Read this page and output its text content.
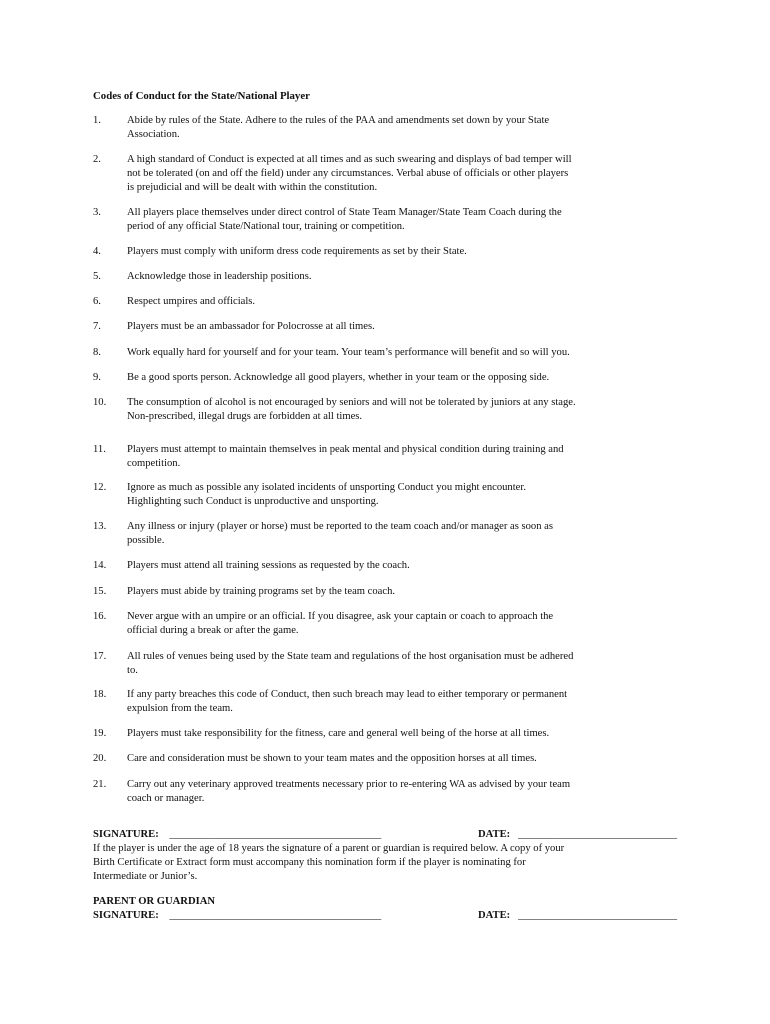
Codes of Conduct for the State/National Player
1.	Abide by rules of the State. Adhere to the rules of the PAA and amendments set down by your State
Association.
2.	A high standard of Conduct is expected at all times and as such swearing and displays of bad temper will
not be tolerated (on and off the field) under any circumstances. Verbal abuse of officials or other players
is prejudicial and will be dealt with within the constitution.
3.	All players place themselves under direct control of State Team Manager/State Team Coach during the
period of any official State/National tour, training or competition.
4.	Players must comply with uniform dress code requirements as set by their State.
5.	Acknowledge those in leadership positions.
6.	Respect umpires and officials.
7.	Players must be an ambassador for Polocrosse at all times.
8.	Work equally hard for yourself and for your team. Your team’s performance will benefit and so will you.
9.	Be a good sports person. Acknowledge all good players, whether in your team or the opposing side.
10.	The consumption of alcohol is not encouraged by seniors and will not be tolerated by juniors at any stage.
Non-prescribed, illegal drugs are forbidden at all times.
11.	Players must attempt to maintain themselves in peak mental and physical condition during training and
competition.
12.	Ignore as much as possible any isolated incidents of unsporting Conduct you might encounter.
Highlighting such Conduct is unproductive and unsporting.
13.	Any illness or injury (player or horse) must be reported to the team coach and/or manager as soon as
possible.
14.	Players must attend all training sessions as requested by the coach.
15.	Players must abide by training programs set by the team coach.
16.	Never argue with an umpire or an official. If you disagree, ask your captain or coach to approach the
official during a break or after the game.
17.	All rules of venues being used by the State team and regulations of the host organisation must be adhered
to.
18.	If any party breaches this code of Conduct, then such breach may lead to either temporary or permanent
expulsion from the team.
19.	Players must take responsibility for the fitness, care and general well being of the horse at all times.
20.	Care and consideration must be shown to your team mates and the opposition horses at all times.
21.	Carry out any veterinary approved treatments necessary prior to re-entering WA as advised by your team
coach or manager.
SIGNATURE: ________________________________________	DATE: ______________________________
If the player is under the age of 18 years the signature of a parent or guardian is required below. A copy of your
Birth Certificate or Extract form must accompany this nomination form if the player is nominating for
Intermediate or Junior’s.
PARENT OR GUARDIAN
SIGNATURE: ________________________________________	DATE: ______________________________
